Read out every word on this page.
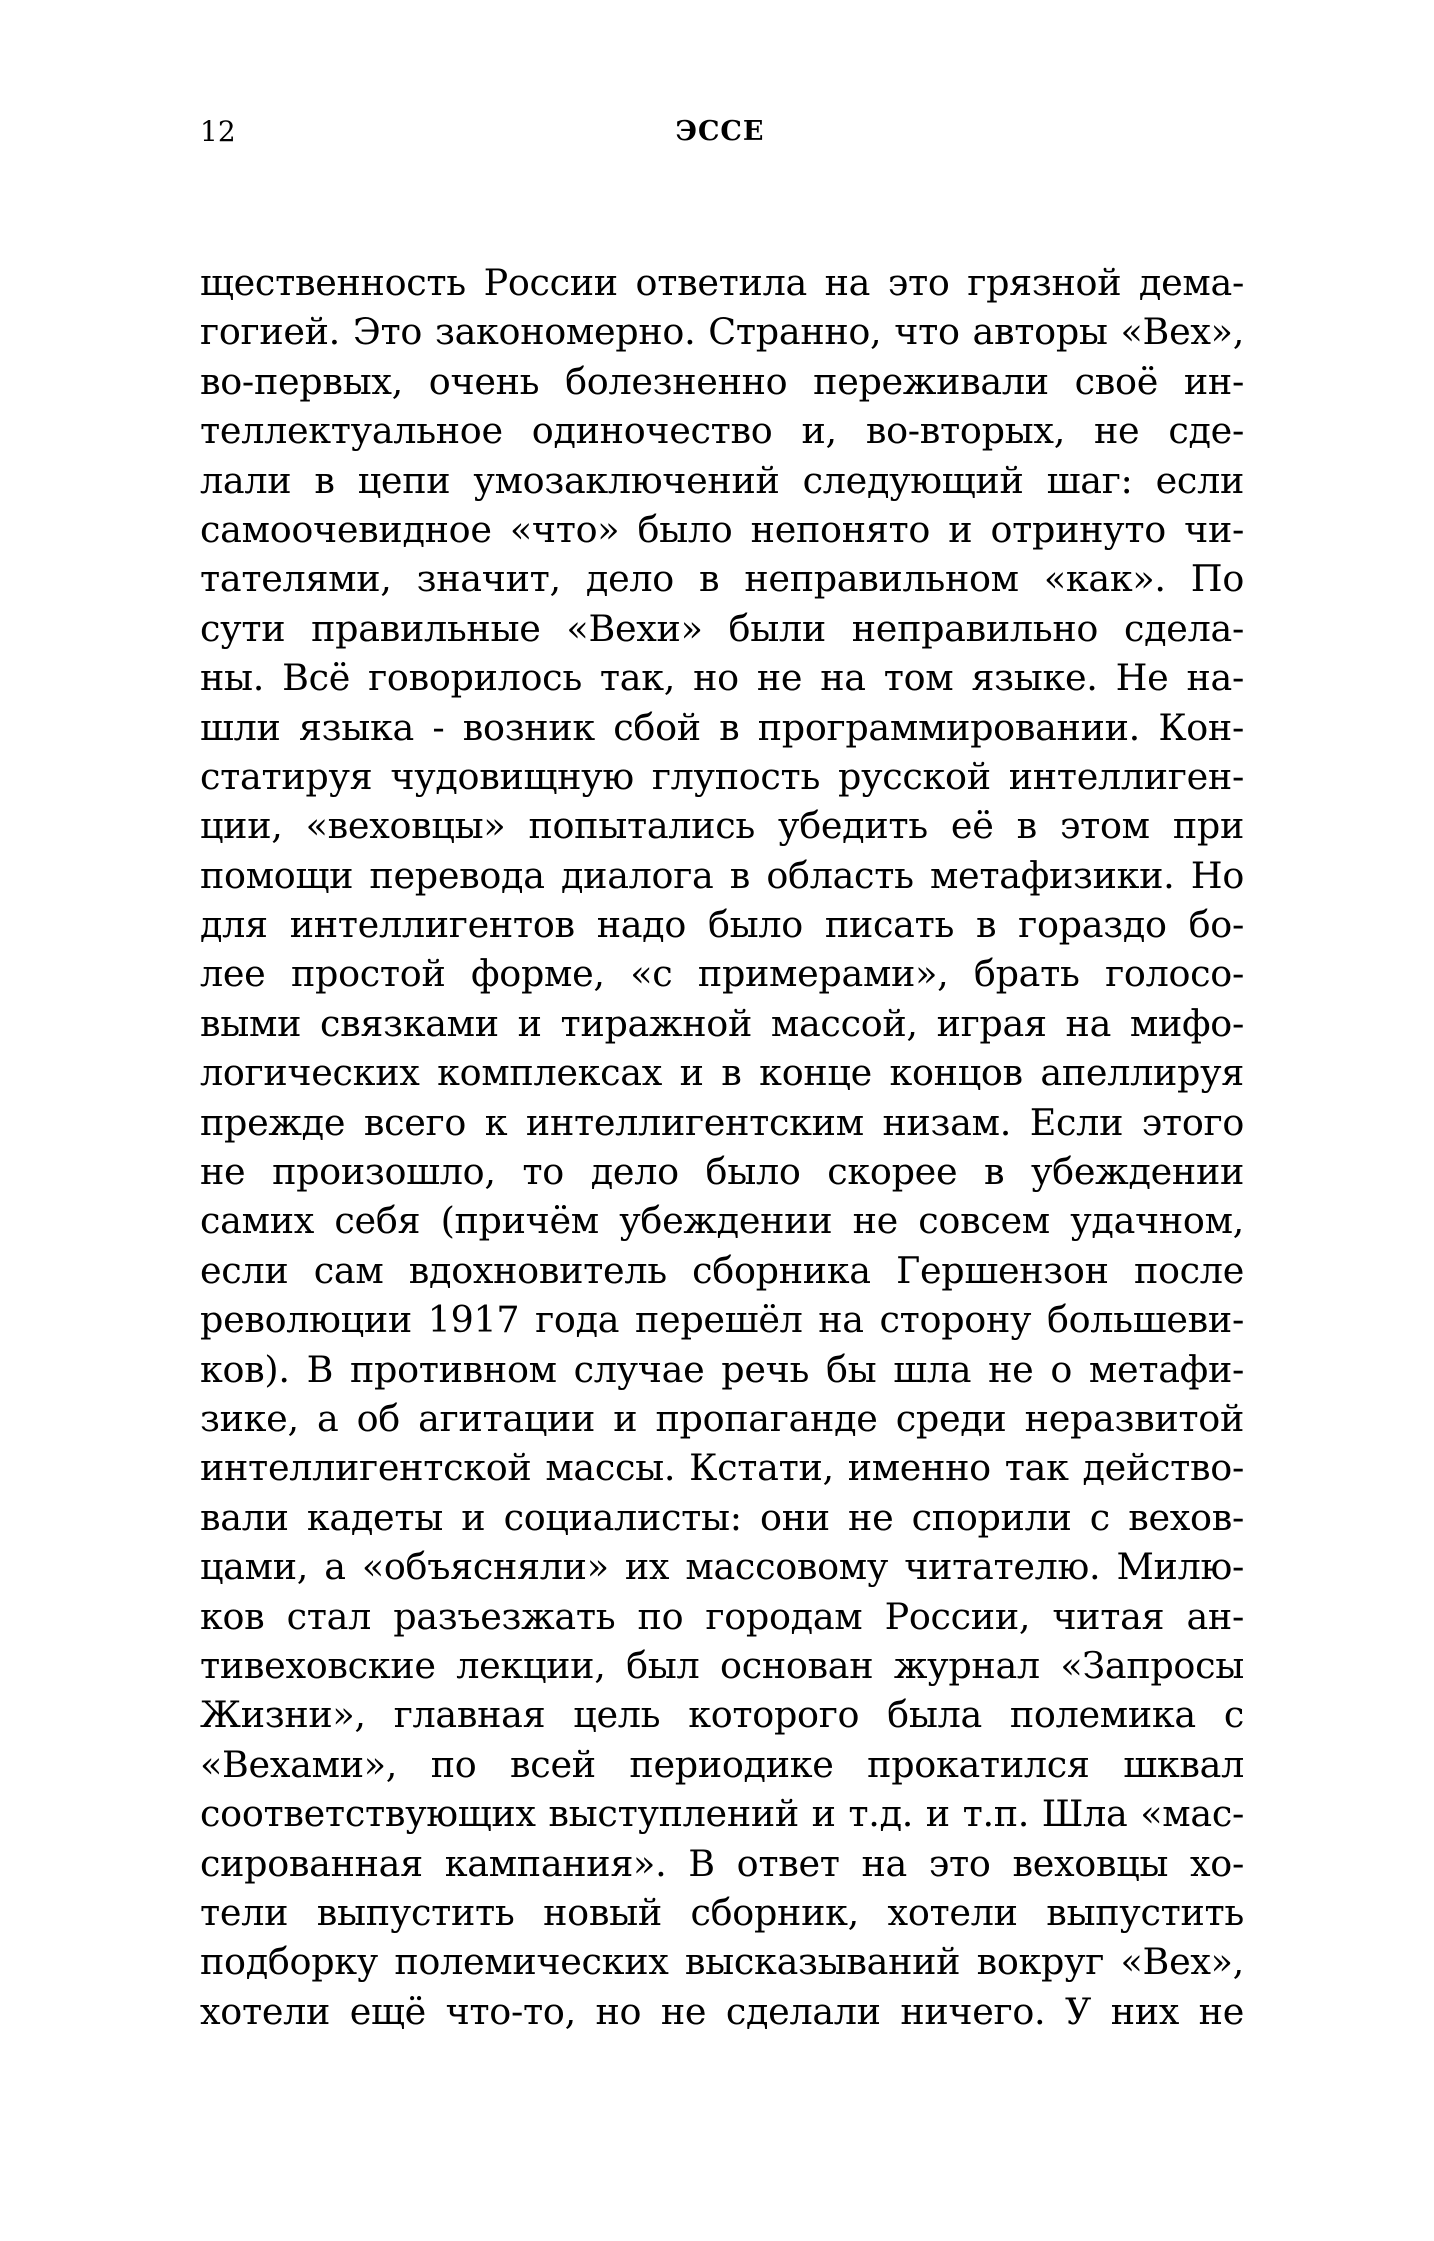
12	ЭССЕ
щественность России ответила на это грязной дема-
гогией. Это закономерно. Странно, что авторы «Вех»,
во-первых, очень болезненно переживали своё ин-
теллектуальное одиночество и, во-вторых, не сде-
лали в цепи умозаключений следующий шаг: если
самоочевидное «что» было непонято и отринуто чи-
тателями, значит, дело в неправильном «как». По
сути правильные «Вехи» были неправильно сдела-
ны. Всё говорилось так, но не на том языке. Не на-
шли языка - возник сбой в программировании. Кон-
статируя чудовищную глупость русской интеллиген-
ции, «веховцы» попытались убедить её в этом при
помощи перевода диалога в область метафизики. Но
для интеллигентов надо было писать в гораздо бо-
лее простой форме, «с примерами», брать голосо-
выми связками и тиражной массой, играя на мифо-
логических комплексах и в конце концов апеллируя
прежде всего к интеллигентским низам. Если этого
не произошло, то дело было скорее в убеждении
самих себя (причём убеждении не совсем удачном,
если сам вдохновитель сборника Гершензон после
революции 1917 года перешёл на сторону большеви-
ков). В противном случае речь бы шла не о метафи-
зике, а об агитации и пропаганде среди неразвитой
интеллигентской массы. Кстати, именно так действо-
вали кадеты и социалисты: они не спорили с вехов-
цами, а «объясняли» их массовому читателю. Милю-
ков стал разъезжать по городам России, читая ан-
тивеховские лекции, был основан журнал «Запросы
Жизни», главная цель которого была полемика с
«Вехами», по всей периодике прокатился шквал
соответствующих выступлений и т.д. и т.п. Шла «мас-
сированная кампания». В ответ на это веховцы хо-
тели выпустить новый сборник, хотели выпустить
подборку полемических высказываний вокруг «Вех»,
хотели ещё что-то, но не сделали ничего. У них не
